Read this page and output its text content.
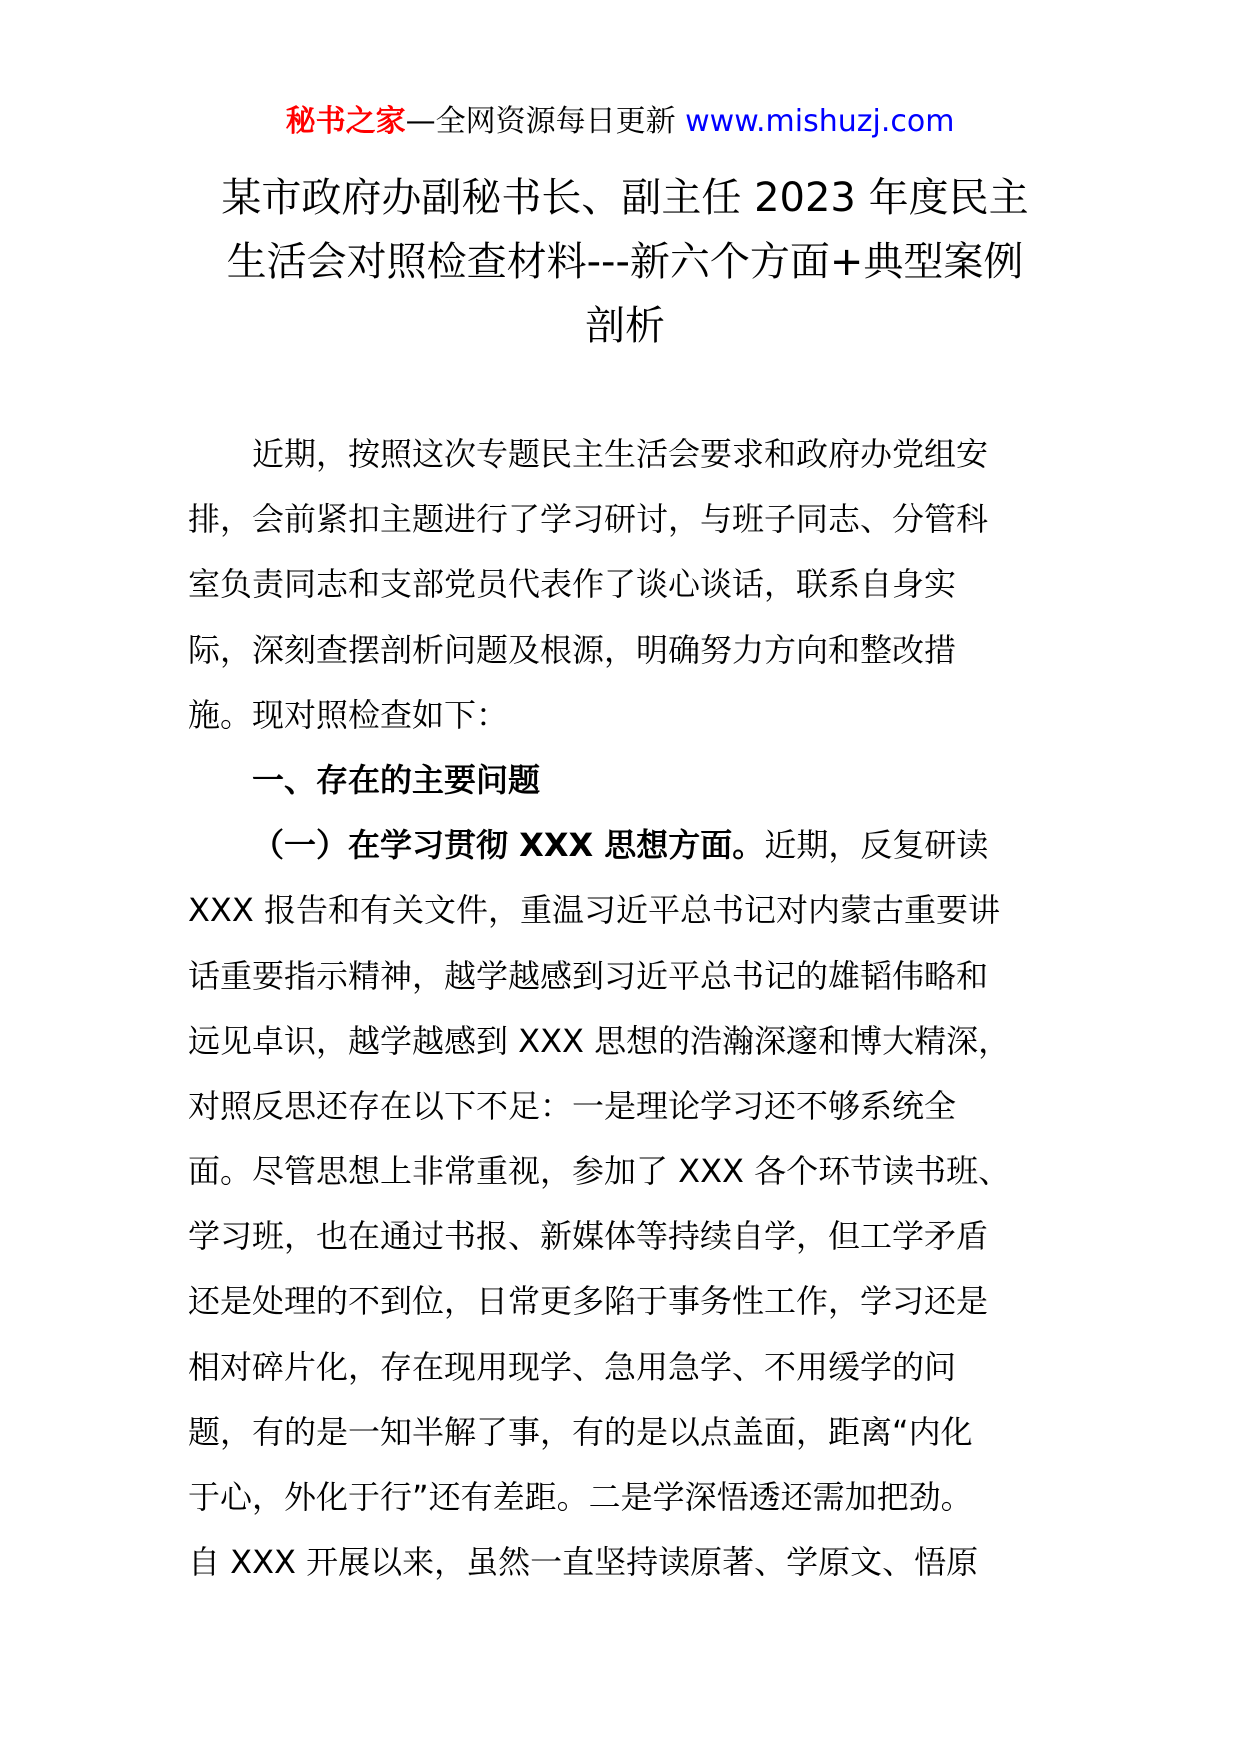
秘书之家—全网资源每日更新 www.mishuzj.com
某市政府办副秘书长、副主任 2023 年度民主
生活会对照检查材料---新六个方面+典型案例
剖析
近期，按照这次专题民主生活会要求和政府办党组安
排，会前紧扣主题进行了学习研讨，与班子同志、分管科
室负责同志和支部党员代表作了谈心谈话，联系自身实
际，深刻查摆剖析问题及根源，明确努力方向和整改措
施。现对照检查如下：
一、存在的主要问题
（一）在学习贯彻 XXX 思想方面。近期，反复研读
XXX 报告和有关文件，重温习近平总书记对内蒙古重要讲
话重要指示精神，越学越感到习近平总书记的雄韬伟略和
远见卓识，越学越感到 XXX 思想的浩瀚深邃和博大精深，
对照反思还存在以下不足：一是理论学习还不够系统全
面。尽管思想上非常重视，参加了 XXX 各个环节读书班、
学习班，也在通过书报、新媒体等持续自学，但工学矛盾
还是处理的不到位，日常更多陷于事务性工作，学习还是
相对碎片化，存在现用现学、急用急学、不用缓学的问
题，有的是一知半解了事，有的是以点盖面，距离“内化
于心，外化于行”还有差距。二是学深悟透还需加把劲。
自 XXX 开展以来，虽然一直坚持读原著、学原文、悟原
